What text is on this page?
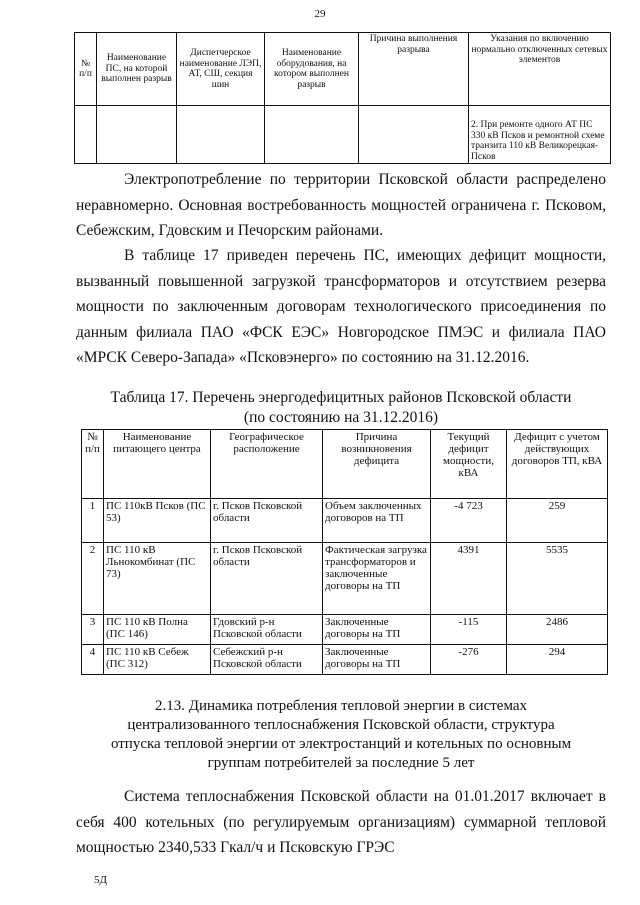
29
№ п/п	Наименование ПС, на которой выполнен разрыв	Диспетчерское наименование ЛЭП, АТ, СШ, секция шин	Наименование оборудования, на котором выполнен разрыв	Причина выполнения разрыва	Указания по включению нормально отключенных сетевых элементов
					2. При ремонте одного АТ ПС 330 кВ Псков и ремонтной схеме транзита 110 кВ Великорецкая-Псков

Электропотребление по территории Псковской области распределено неравномерно. Основная востребованность мощностей ограничена г. Псковом, Себежским, Гдовским и Печорским районами.

В таблице 17 приведен перечень ПС, имеющих дефицит мощности, вызванный повышенной загрузкой трансформаторов и отсутствием резерва мощности по заключенным договорам технологического присоединения по данным филиала ПАО «ФСК ЕЭС» Новгородское ПМЭС и филиала ПАО «МРСК Северо-Запада» «Псковэнерго» по состоянию на 31.12.2016.

Таблица 17. Перечень энергодефицитных районов Псковской области
(по состоянию на 31.12.2016)
№ п/п	Наименование питающего центра	Географическое расположение	Причина возникновения дефицита	Текущий дефицит мощности, кВА	Дефицит с учетом действующих договоров ТП, кВА
1	ПС 110кВ Псков (ПС 53)	г. Псков Псковской области	Объем заключенных договоров на ТП	-4 723	259
2	ПС 110 кВ Льнокомбинат (ПС 73)	г. Псков Псковской области	Фактическая загрузка трансформаторов и заключенные договоры на ТП	4391	5535
3	ПС 110 кВ Полна (ПС 146)	Гдовский р-н Псковской области	Заключенные договоры на ТП	-115	2486
4	ПС 110 кВ Себеж (ПС 312)	Себежский р-н Псковской области	Заключенные договоры на ТП	-276	294
2.13. Динамика потребления тепловой энергии в системах
централизованного теплоснабжения Псковской области, структура
отпуска тепловой энергии от электростанций и котельных по основным
группам потребителей за последние 5 лет

Система теплоснабжения Псковской области на 01.01.2017 включает в себя 400 котельных (по регулируемым организациям) суммарной тепловой мощностью 2340,533 Гкал/ч и Псковскую ГРЭС

5Д
